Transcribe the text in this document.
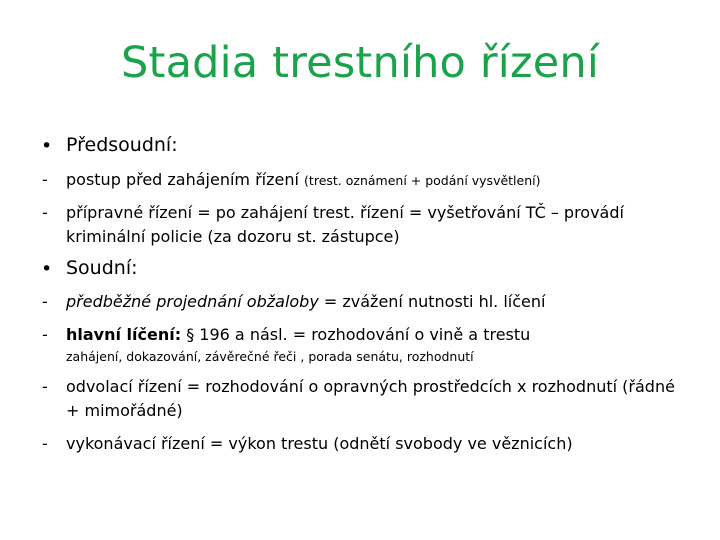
Stadia trestního řízení
• Předsoudní:
- postup před zahájením řízení (trest. oznámení + podání vysvětlení)
- přípravné řízení = po zahájení trest. řízení = vyšetřování TČ – provádí kriminální policie (za dozoru st. zástupce)
• Soudní:
- předběžné projednání obžaloby = zvážení nutnosti hl. líčení
- hlavní líčení: § 196 a násl. = rozhodování o vině a trestu
zahájení, dokazování, závěrečné řeči , porada senátu, rozhodnutí
- odvolací řízení = rozhodování o opravných prostředcích x rozhodnutí (řádné + mimořádné)
- vykonávací řízení = výkon trestu (odnětí svobody ve věznicích)
